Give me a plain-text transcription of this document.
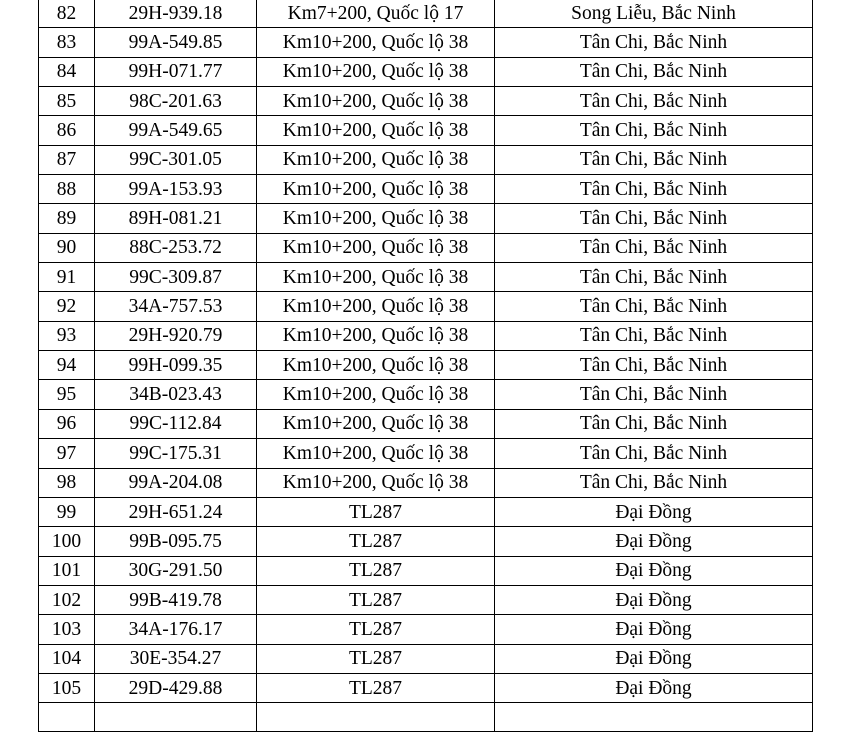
82	29H-939.18	Km7+200, Quốc lộ 17	Song Liễu, Bắc Ninh
83	99A-549.85	Km10+200, Quốc lộ 38	Tân Chi, Bắc Ninh
84	99H-071.77	Km10+200, Quốc lộ 38	Tân Chi, Bắc Ninh
85	98C-201.63	Km10+200, Quốc lộ 38	Tân Chi, Bắc Ninh
86	99A-549.65	Km10+200, Quốc lộ 38	Tân Chi, Bắc Ninh
87	99C-301.05	Km10+200, Quốc lộ 38	Tân Chi, Bắc Ninh
88	99A-153.93	Km10+200, Quốc lộ 38	Tân Chi, Bắc Ninh
89	89H-081.21	Km10+200, Quốc lộ 38	Tân Chi, Bắc Ninh
90	88C-253.72	Km10+200, Quốc lộ 38	Tân Chi, Bắc Ninh
91	99C-309.87	Km10+200, Quốc lộ 38	Tân Chi, Bắc Ninh
92	34A-757.53	Km10+200, Quốc lộ 38	Tân Chi, Bắc Ninh
93	29H-920.79	Km10+200, Quốc lộ 38	Tân Chi, Bắc Ninh
94	99H-099.35	Km10+200, Quốc lộ 38	Tân Chi, Bắc Ninh
95	34B-023.43	Km10+200, Quốc lộ 38	Tân Chi, Bắc Ninh
96	99C-112.84	Km10+200, Quốc lộ 38	Tân Chi, Bắc Ninh
97	99C-175.31	Km10+200, Quốc lộ 38	Tân Chi, Bắc Ninh
98	99A-204.08	Km10+200, Quốc lộ 38	Tân Chi, Bắc Ninh
99	29H-651.24	TL287	Đại Đồng
100	99B-095.75	TL287	Đại Đồng
101	30G-291.50	TL287	Đại Đồng
102	99B-419.78	TL287	Đại Đồng
103	34A-176.17	TL287	Đại Đồng
104	30E-354.27	TL287	Đại Đồng
105	29D-429.88	TL287	Đại Đồng
